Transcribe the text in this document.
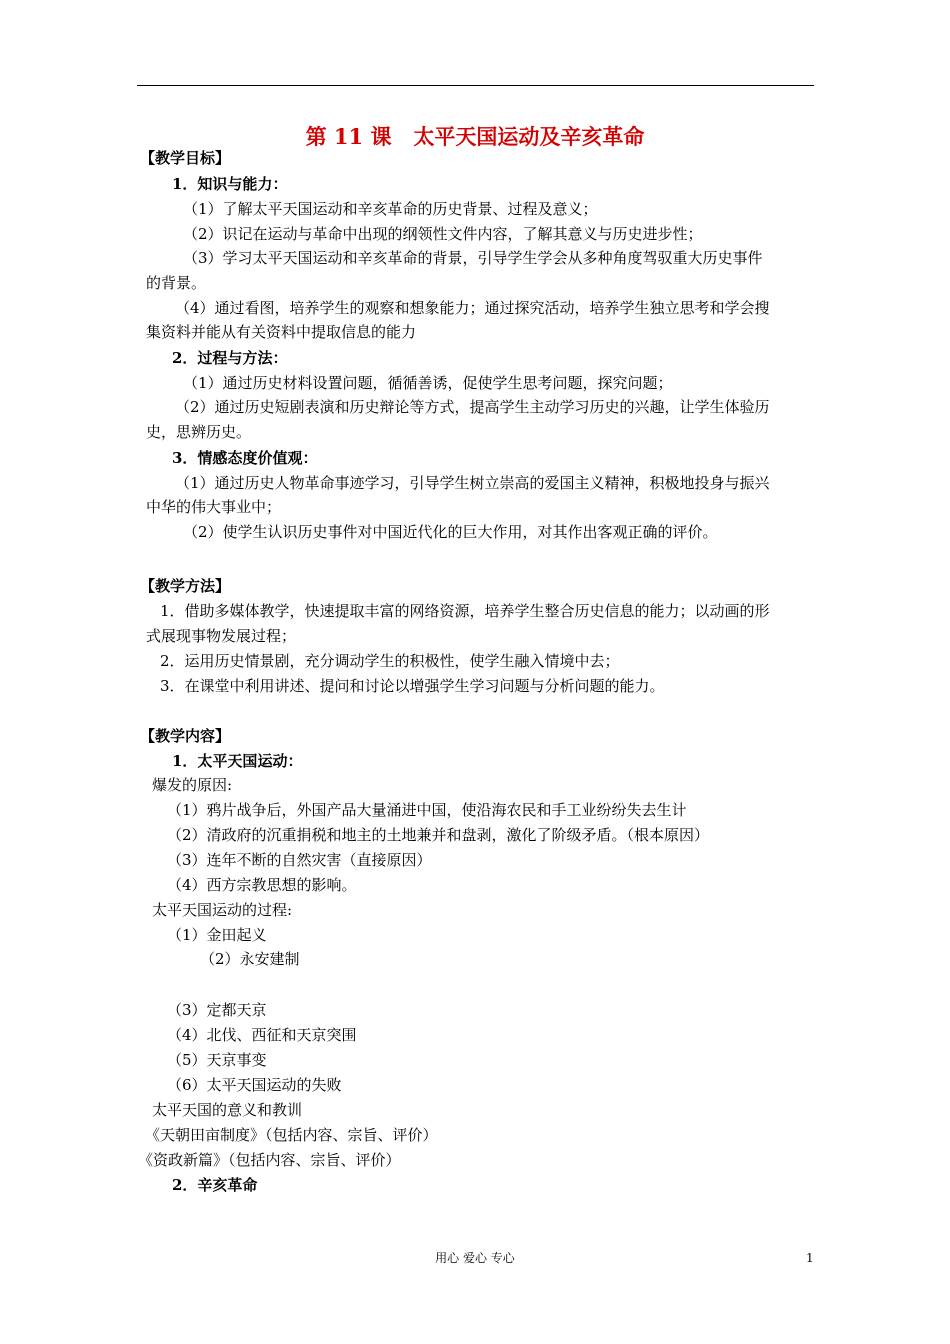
第 11 课   太平天国运动及辛亥革命
【教学目标】
1．知识与能力：
（1）了解太平天国运动和辛亥革命的历史背景、过程及意义；
（2）识记在运动与革命中出现的纲领性文件内容，了解其意义与历史进步性；
（3）学习太平天国运动和辛亥革命的背景，引导学生学会从多种角度驾驭重大历史事件
的背景。
（4）通过看图，培养学生的观察和想象能力；通过探究活动，培养学生独立思考和学会搜
集资料并能从有关资料中提取信息的能力
2．过程与方法：
（1）通过历史材料设置问题，循循善诱，促使学生思考问题，探究问题；
（2）通过历史短剧表演和历史辩论等方式，提高学生主动学习历史的兴趣，让学生体验历
史，思辨历史。
3．情感态度价值观：
（1）通过历史人物革命事迹学习，引导学生树立崇高的爱国主义精神，积极地投身与振兴
中华的伟大事业中；
（2）使学生认识历史事件对中国近代化的巨大作用，对其作出客观正确的评价。
【教学方法】
1．借助多媒体教学，快速提取丰富的网络资源，培养学生整合历史信息的能力；以动画的形
式展现事物发展过程；
2．运用历史情景剧，充分调动学生的积极性，使学生融入情境中去；
3．在课堂中利用讲述、提问和讨论以增强学生学习问题与分析问题的能力。
【教学内容】
1．太平天国运动：
爆发的原因:
（1）鸦片战争后，外国产品大量涌进中国，使沿海农民和手工业纷纷失去生计
（2）清政府的沉重捐税和地主的土地兼并和盘剥，激化了阶级矛盾。（根本原因）
（3）连年不断的自然灾害（直接原因）
（4）西方宗教思想的影响。
太平天国运动的过程:
（1）金田起义
（2）永安建制
（3）定都天京
（4）北伐、西征和天京突围
（5）天京事变
（6）太平天国运动的失败
太平天国的意义和教训
《天朝田亩制度》（包括内容、宗旨、评价）
《资政新篇》（包括内容、宗旨、评价）
2．辛亥革命
用心 爱心 专心	1
